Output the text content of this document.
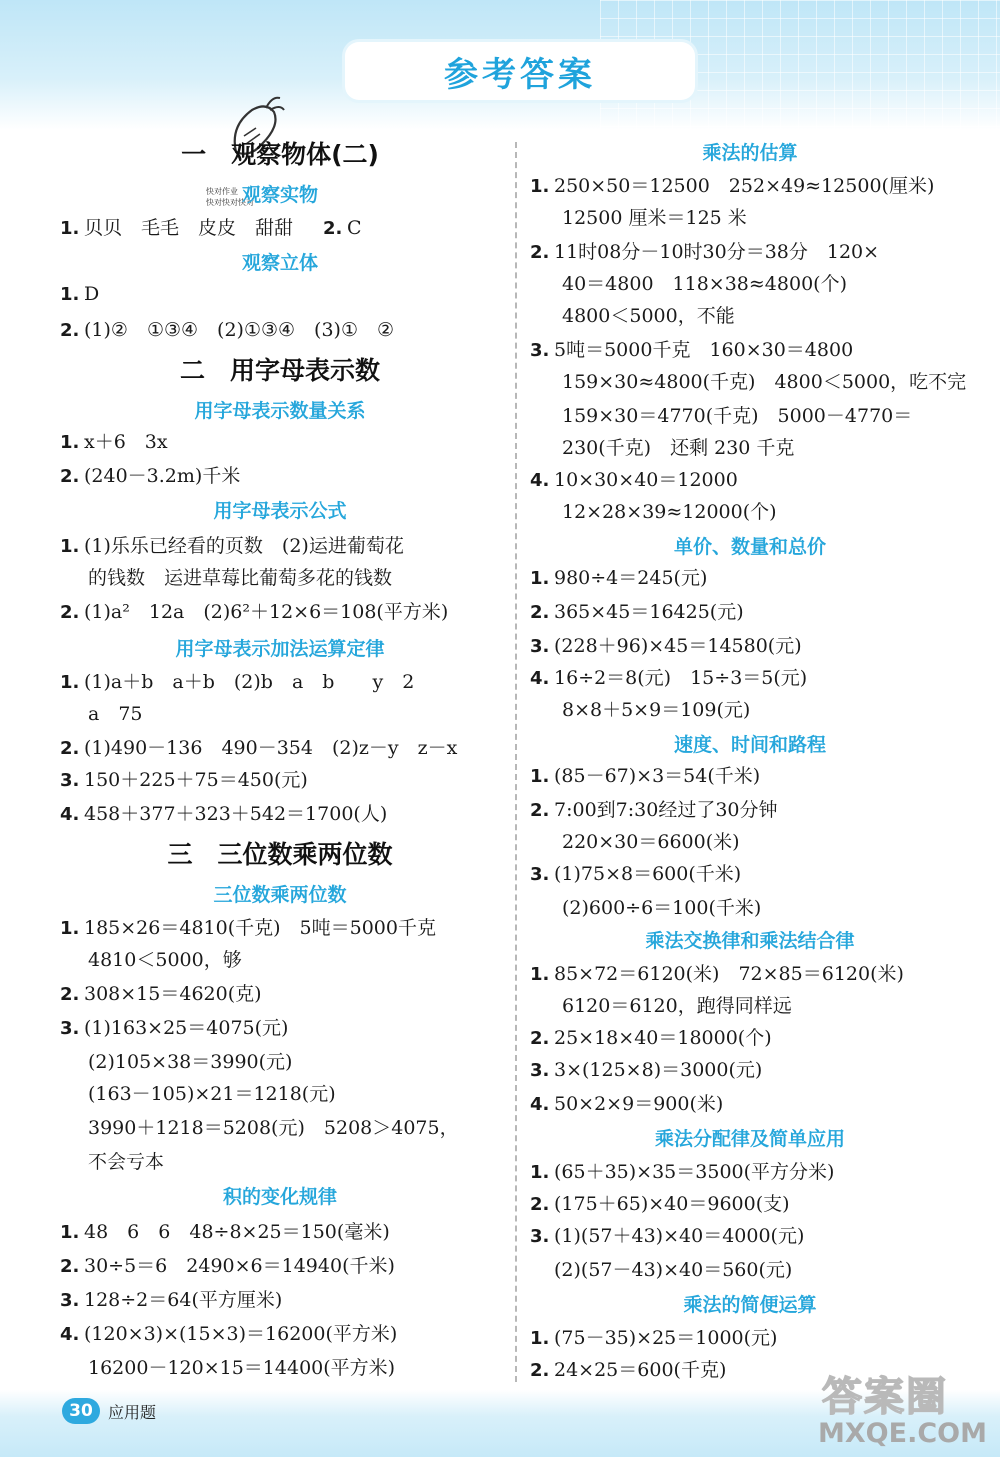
参考答案
快对作业
快对快对快对
一　观察物体(二)
观察实物
1. 贝贝　毛毛　皮皮　甜甜 2. C
观察立体
1. D
2. (1)②　①③④　(2)①③④　(3)①　②
二　用字母表示数
用字母表示数量关系
1. x＋6　3x
2. (240－3.2m)千米
用字母表示公式
1. (1)乐乐已经看的页数　(2)运进葡萄花
的钱数　运进草莓比葡萄多花的钱数
2. (1)a²　12a　(2)6²＋12×6＝108(平方米)
用字母表示加法运算定律
1. (1)a＋b　a＋b　(2)b　a　b　　y　2
a　75
2. (1)490－136　490－354　(2)z－y　z－x
3. 150＋225＋75＝450(元)
4. 458＋377＋323＋542＝1700(人)
三　三位数乘两位数
三位数乘两位数
1. 185×26＝4810(千克)　5吨＝5000千克
4810＜5000，够
2. 308×15＝4620(克)
3. (1)163×25＝4075(元)
(2)105×38＝3990(元)
(163－105)×21＝1218(元)
3990＋1218＝5208(元)　5208＞4075，
不会亏本
积的变化规律
1. 48　6　6　48÷8×25＝150(毫米)
2. 30÷5＝6　2490×6＝14940(千米)
3. 128÷2＝64(平方厘米)
4. (120×3)×(15×3)＝16200(平方米)
16200－120×15＝14400(平方米)
乘法的估算
1. 250×50＝12500　252×49≈12500(厘米)
12500 厘米＝125 米
2. 11时08分－10时30分＝38分　120×
40＝4800　118×38≈4800(个)
4800＜5000，不能
3. 5吨＝5000千克　160×30＝4800
159×30≈4800(千克)　4800＜5000，吃不完
159×30＝4770(千克)　5000－4770＝
230(千克)　还剩 230 千克
4. 10×30×40＝12000
12×28×39≈12000(个)
单价、数量和总价
1. 980÷4＝245(元)
2. 365×45＝16425(元)
3. (228＋96)×45＝14580(元)
4. 16÷2＝8(元)　15÷3＝5(元)
8×8＋5×9＝109(元)
速度、时间和路程
1. (85－67)×3＝54(千米)
2. 7:00到7:30经过了30分钟
220×30＝6600(米)
3. (1)75×8＝600(千米)
(2)600÷6＝100(千米)
乘法交换律和乘法结合律
1. 85×72＝6120(米)　72×85＝6120(米)
6120＝6120，跑得同样远
2. 25×18×40＝18000(个)
3. 3×(125×8)＝3000(元)
4. 50×2×9＝900(米)
乘法分配律及简单应用
1. (65＋35)×35＝3500(平方分米)
2. (175＋65)×40＝9600(支)
3. (1)(57＋43)×40＝4000(元)
(2)(57－43)×40＝560(元)
乘法的简便运算
1. (75－35)×25＝1000(元)
2. 24×25＝600(千克)
30 应用题	答案圈
MXQE.COM
